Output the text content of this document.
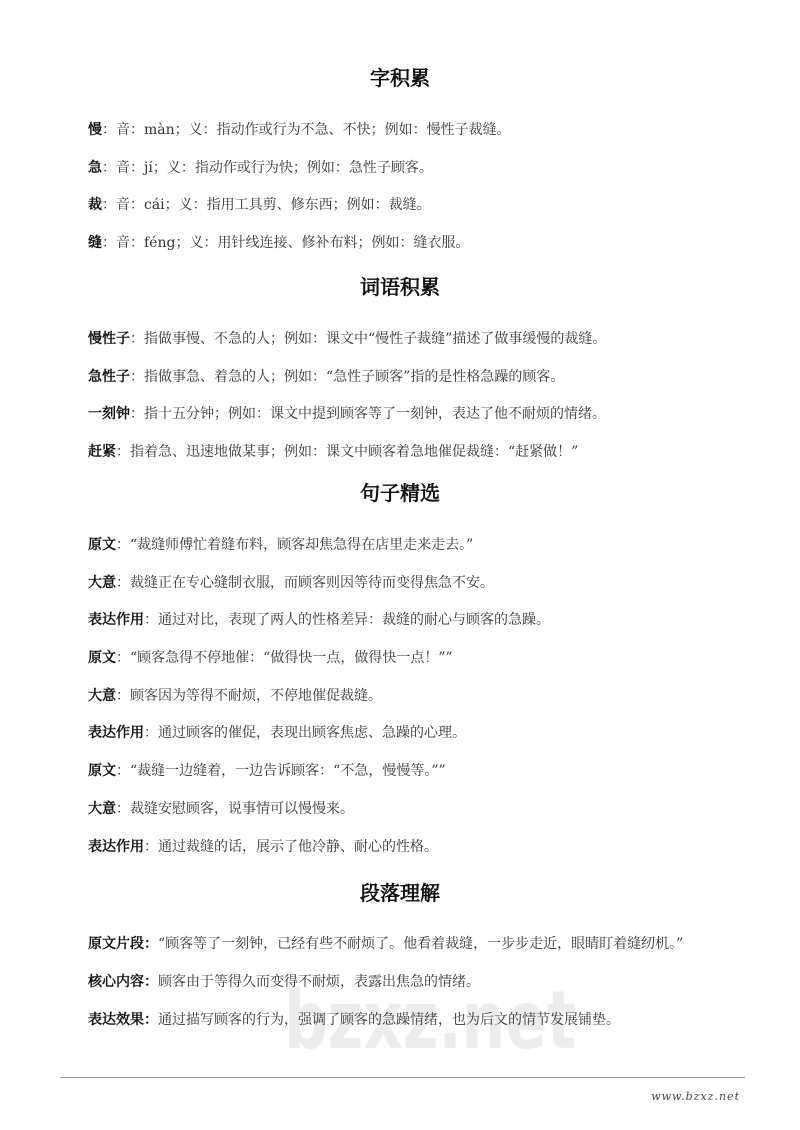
字积累
慢：音：màn；义：指动作或行为不急、不快；例如：慢性子裁缝。
急：音：jí；义：指动作或行为快；例如：急性子顾客。
裁：音：cái；义：指用工具剪、修东西；例如：裁缝。
缝：音：féng；义：用针线连接、修补布料；例如：缝衣服。
词语积累
慢性子：指做事慢、不急的人；例如：课文中“慢性子裁缝”描述了做事缓慢的裁缝。
急性子：指做事急、着急的人；例如：“急性子顾客”指的是性格急躁的顾客。
一刻钟：指十五分钟；例如：课文中提到顾客等了一刻钟，表达了他不耐烦的情绪。
赶紧：指着急、迅速地做某事；例如：课文中顾客着急地催促裁缝：“赶紧做！”
句子精选
原文：“裁缝师傅忙着缝布料，顾客却焦急得在店里走来走去。”
大意：裁缝正在专心缝制衣服，而顾客则因等待而变得焦急不安。
表达作用：通过对比，表现了两人的性格差异：裁缝的耐心与顾客的急躁。
原文：“顾客急得不停地催：“做得快一点，做得快一点！””
大意：顾客因为等得不耐烦，不停地催促裁缝。
表达作用：通过顾客的催促，表现出顾客焦虑、急躁的心理。
原文：“裁缝一边缝着，一边告诉顾客：“不急，慢慢等。””
大意：裁缝安慰顾客，说事情可以慢慢来。
表达作用：通过裁缝的话，展示了他冷静、耐心的性格。
段落理解
原文片段：“顾客等了一刻钟，已经有些不耐烦了。他看着裁缝，一步步走近，眼睛盯着缝纫机。”
核心内容：顾客由于等得久而变得不耐烦，表露出焦急的情绪。
表达效果：通过描写顾客的行为，强调了顾客的急躁情绪，也为后文的情节发展铺垫。
www.bzxz.net
